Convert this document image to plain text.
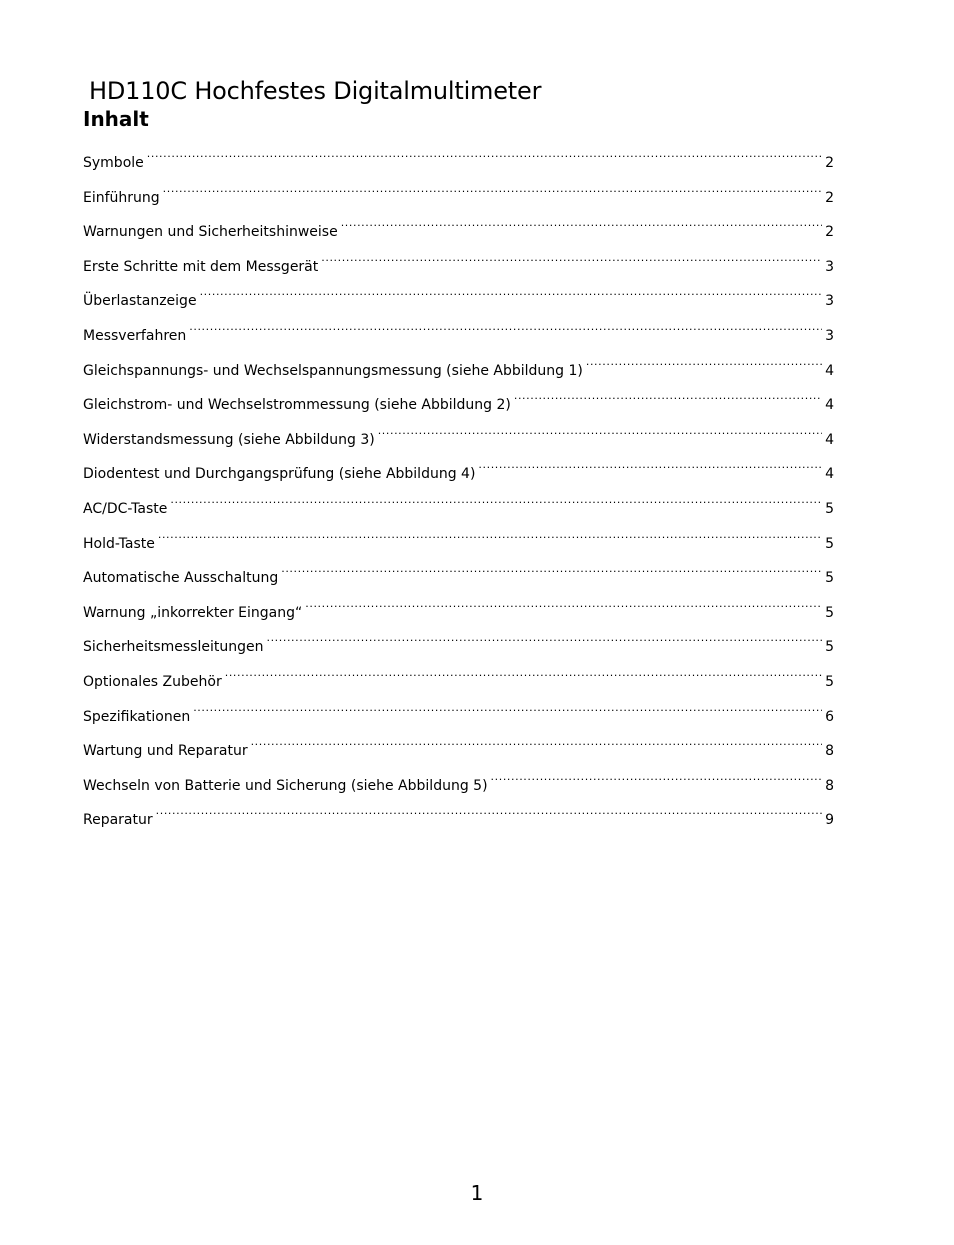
HD110C Hochfestes Digitalmultimeter
Inhalt
Symbole .....	2
Einführung .....	2
Warnungen und Sicherheitshinweise .....	2
Erste Schritte mit dem Messgerät .....	3
Überlastanzeige .....	3
Messverfahren .....	3
Gleichspannungs- und Wechselspannungsmessung (siehe Abbildung 1) .....	4
Gleichstrom- und Wechselstrommessung (siehe Abbildung 2) .....	4
Widerstandsmessung (siehe Abbildung 3) .....	4
Diodentest und Durchgangsprüfung (siehe Abbildung 4) .....	4
AC/DC-Taste .....	5
Hold-Taste .....	5
Automatische Ausschaltung .....	5
Warnung „inkorrekter Eingang“ .....	5
Sicherheitsmessleitungen .....	5
Optionales Zubehör .....	5
Spezifikationen .....	6
Wartung und Reparatur .....	8
Wechseln von Batterie und Sicherung (siehe Abbildung 5) .....	8
Reparatur .....	9
1
